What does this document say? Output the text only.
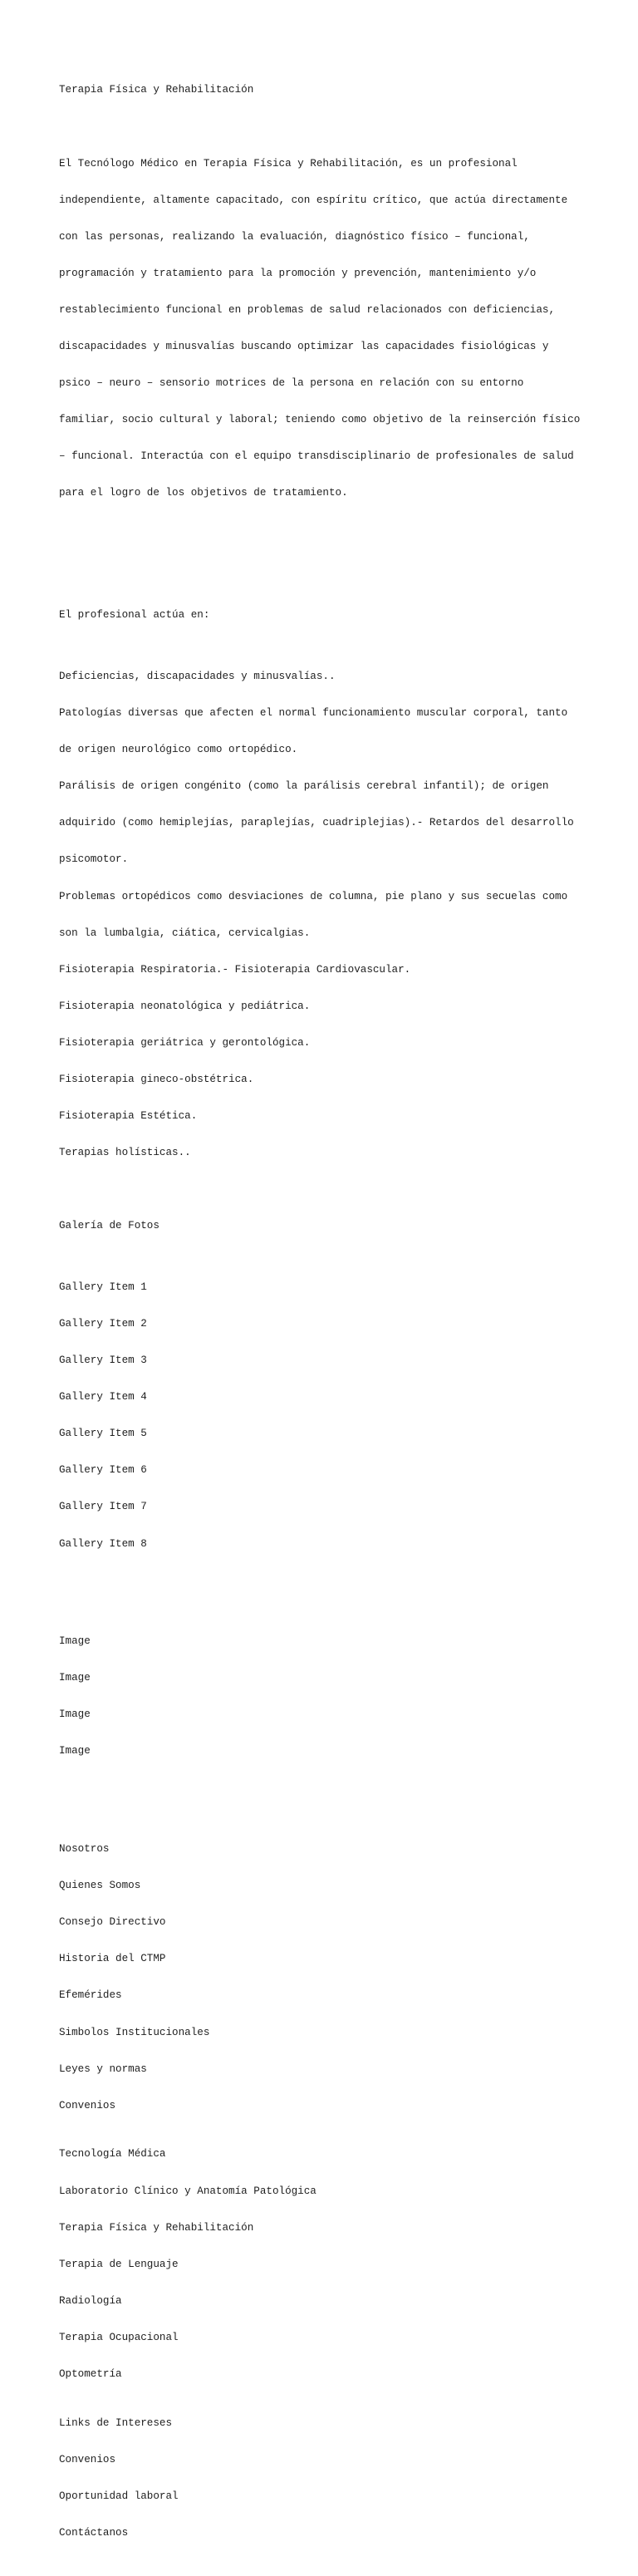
Terapia Física y Rehabilitación

El Tecnólogo Médico en Terapia Física y Rehabilitación, es un profesional

independiente, altamente capacitado, con espíritu crítico, que actúa directamente

con las personas, realizando la evaluación, diagnóstico físico – funcional,

programación y tratamiento para la promoción y prevención, mantenimiento y/o

restablecimiento funcional en problemas de salud relacionados con deficiencias,

discapacidades y minusvalías buscando optimizar las capacidades fisiológicas y

psico – neuro – sensorio motrices de la persona en relación con su entorno

familiar, socio cultural y laboral; teniendo como objetivo de la reinserción físico

– funcional. Interactúa con el equipo transdisciplinario de profesionales de salud

para el logro de los objetivos de tratamiento.

El profesional actúa en:

Deficiencias, discapacidades y minusvalías..

Patologías diversas que afecten el normal funcionamiento muscular corporal, tanto

de origen neurológico como ortopédico.

Parálisis de origen congénito (como la parálisis cerebral infantil); de origen

adquirido (como hemiplejías, paraplejías, cuadriplejias).- Retardos del desarrollo

psicomotor.

Problemas ortopédicos como desviaciones de columna, pie plano y sus secuelas como

son la lumbalgia, ciática, cervicalgias.

Fisioterapia Respiratoria.- Fisioterapia Cardiovascular.

Fisioterapia neonatológica y pediátrica.

Fisioterapia geriátrica y gerontológica.

Fisioterapia gineco-obstétrica.

Fisioterapia Estética.

Terapias holísticas..

Galería de Fotos

Gallery Item 1

Gallery Item 2

Gallery Item 3

Gallery Item 4

Gallery Item 5

Gallery Item 6

Gallery Item 7

Gallery Item 8

Image

Image

Image

Image

Nosotros

Quienes Somos

Consejo Directivo

Historia del CTMP

Efemérides

Simbolos Institucionales

Leyes y normas

Convenios

Tecnología Médica

Laboratorio Clínico y Anatomía Patológica

Terapia Física y Rehabilitación

Terapia de Lenguaje

Radiología

Terapia Ocupacional

Optometría

Links de Intereses

Convenios

Oportunidad laboral

Contáctanos
